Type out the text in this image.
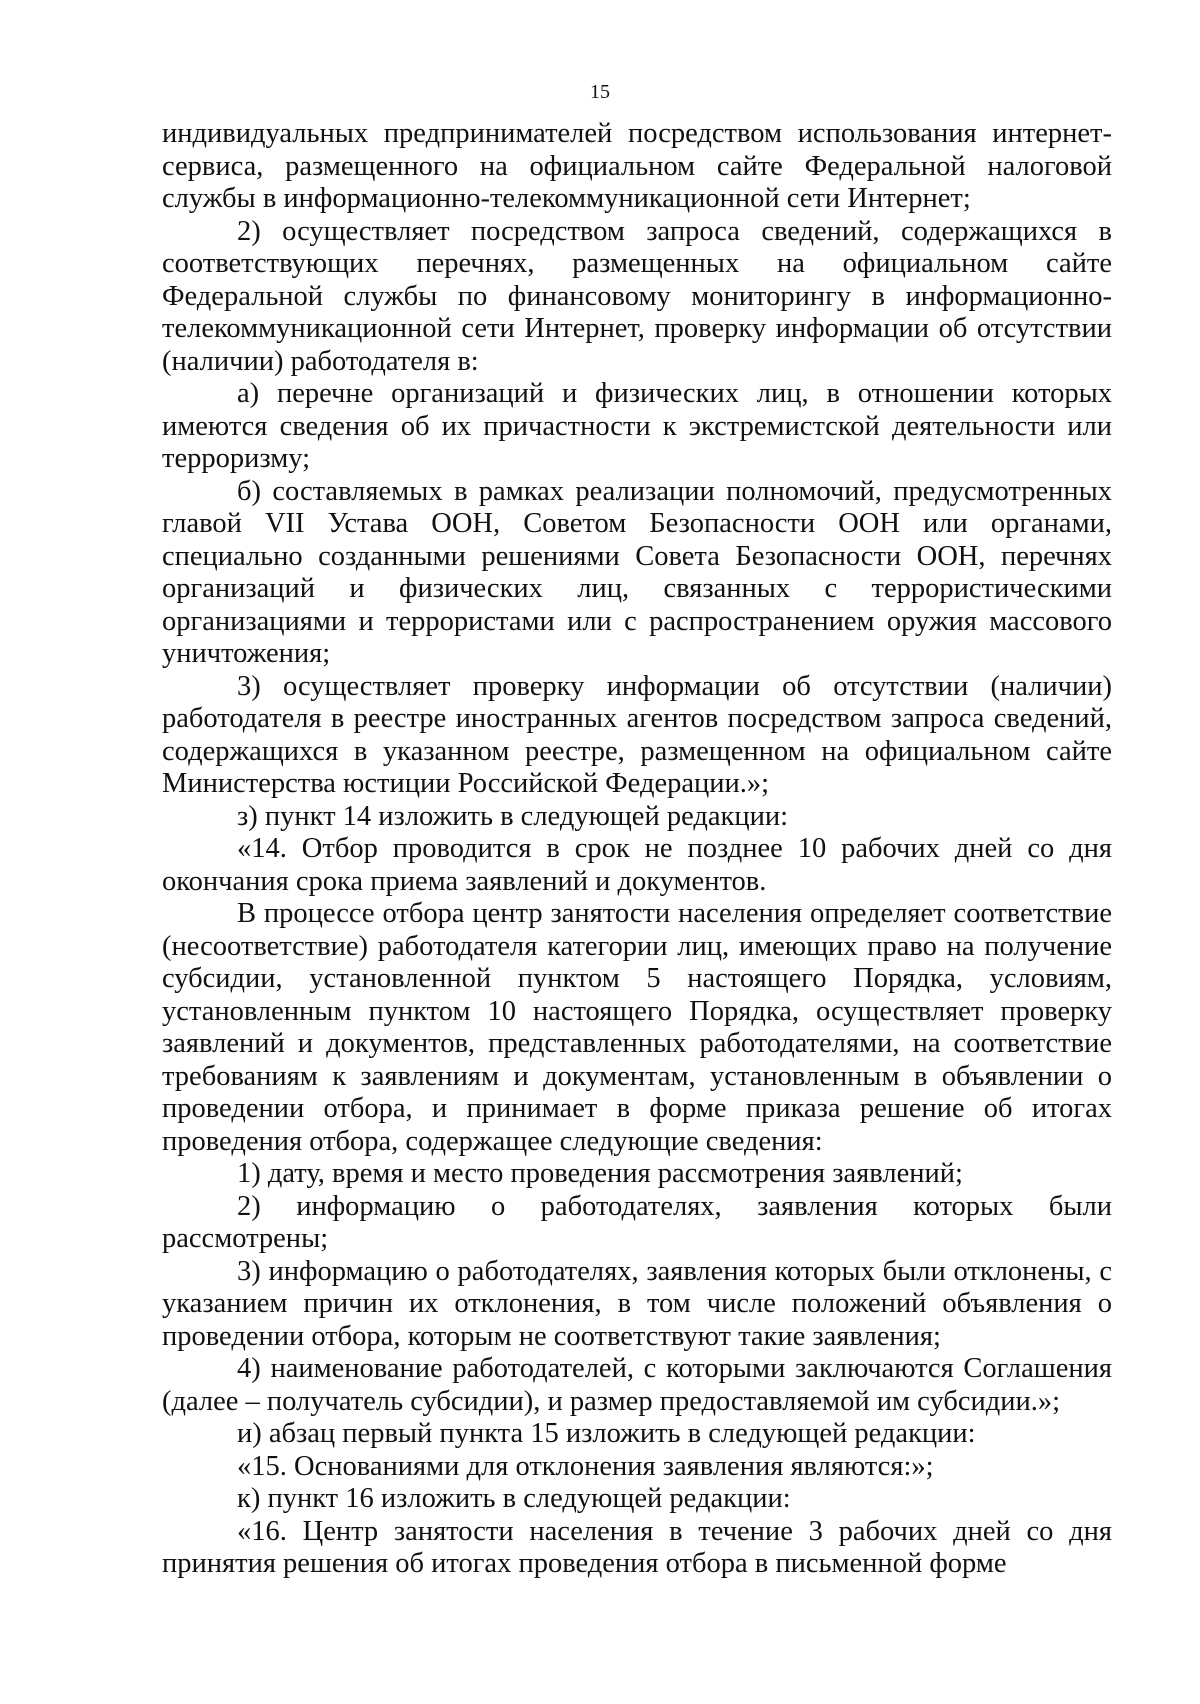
15

индивидуальных предпринимателей посредством использования интернет-сервиса, размещенного на официальном сайте Федеральной налоговой службы в информационно-телекоммуникационной сети Интернет;

2) осуществляет посредством запроса сведений, содержащихся в соответствующих перечнях, размещенных на официальном сайте Федеральной службы по финансовому мониторингу в информационно-телекоммуникационной сети Интернет, проверку информации об отсутствии (наличии) работодателя в:

а) перечне организаций и физических лиц, в отношении которых имеются сведения об их причастности к экстремистской деятельности или терроризму;

б) составляемых в рамках реализации полномочий, предусмотренных главой VII Устава ООН, Советом Безопасности ООН или органами, специально созданными решениями Совета Безопасности ООН, перечнях организаций и физических лиц, связанных с террористическими организациями и террористами или с распространением оружия массового уничтожения;

3) осуществляет проверку информации об отсутствии (наличии) работодателя в реестре иностранных агентов посредством запроса сведений, содержащихся в указанном реестре, размещенном на официальном сайте Министерства юстиции Российской Федерации.»;

з) пункт 14 изложить в следующей редакции:

«14. Отбор проводится в срок не позднее 10 рабочих дней со дня окончания срока приема заявлений и документов.

В процессе отбора центр занятости населения определяет соответствие (несоответствие) работодателя категории лиц, имеющих право на получение субсидии, установленной пунктом 5 настоящего Порядка, условиям, установленным пунктом 10 настоящего Порядка, осуществляет проверку заявлений и документов, представленных работодателями, на соответствие требованиям к заявлениям и документам, установленным в объявлении о проведении отбора, и принимает в форме приказа решение об итогах проведения отбора, содержащее следующие сведения:

1) дату, время и место проведения рассмотрения заявлений;

2) информацию о работодателях, заявления которых были рассмотрены;

3) информацию о работодателях, заявления которых были отклонены, с указанием причин их отклонения, в том числе положений объявления о проведении отбора, которым не соответствуют такие заявления;

4) наименование работодателей, с которыми заключаются Соглашения (далее – получатель субсидии), и размер предоставляемой им субсидии.»;

и) абзац первый пункта 15 изложить в следующей редакции:

«15. Основаниями для отклонения заявления являются:»;

к) пункт 16 изложить в следующей редакции:

«16. Центр занятости населения в течение 3 рабочих дней со дня принятия решения об итогах проведения отбора в письменной форме
